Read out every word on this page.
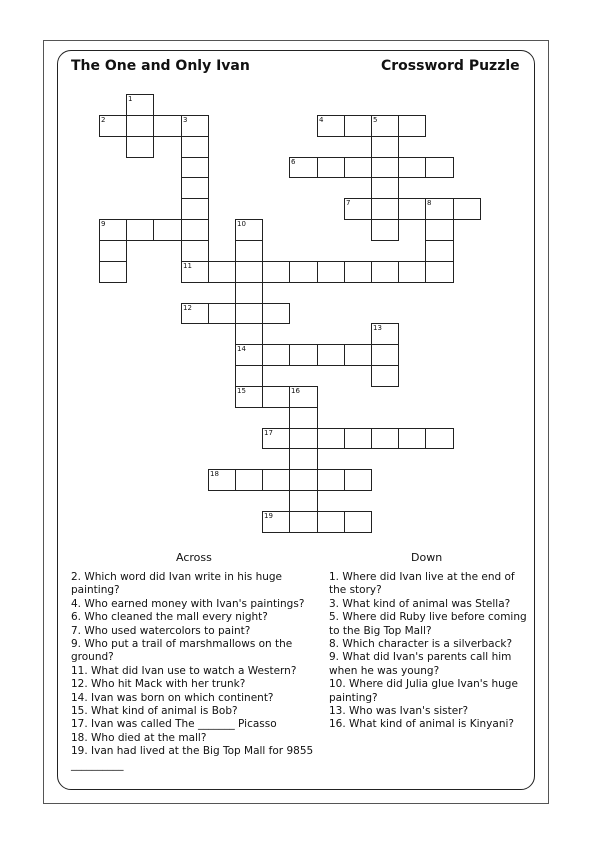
The One and Only Ivan	Crossword Puzzle
1
2	3
11
4	5
6
7	8
9	10
14
12
13
15	16
17
18
19
Across	Down
2. Which word did Ivan write in his huge painting?
4. Who earned money with Ivan's paintings?
6. Who cleaned the mall every night?
7. Who used watercolors to paint?
9. Who put a trail of marshmallows on the ground?
11. What did Ivan use to watch a Western?
12. Who hit Mack with her trunk?
14. Ivan was born on which continent?
15. What kind of animal is Bob?
17. Ivan was called The _______ Picasso
18. Who died at the mall?
19. Ivan had lived at the Big Top Mall for 9855 __________
1. Where did Ivan live at the end of the story?
3. What kind of animal was Stella?
5. Where did Ruby live before coming to the Big Top Mall?
8. Which character is a silverback?
9. What did Ivan's parents call him when he was young?
10. Where did Julia glue Ivan's huge painting?
13. Who was Ivan's sister?
16. What kind of animal is Kinyani?
